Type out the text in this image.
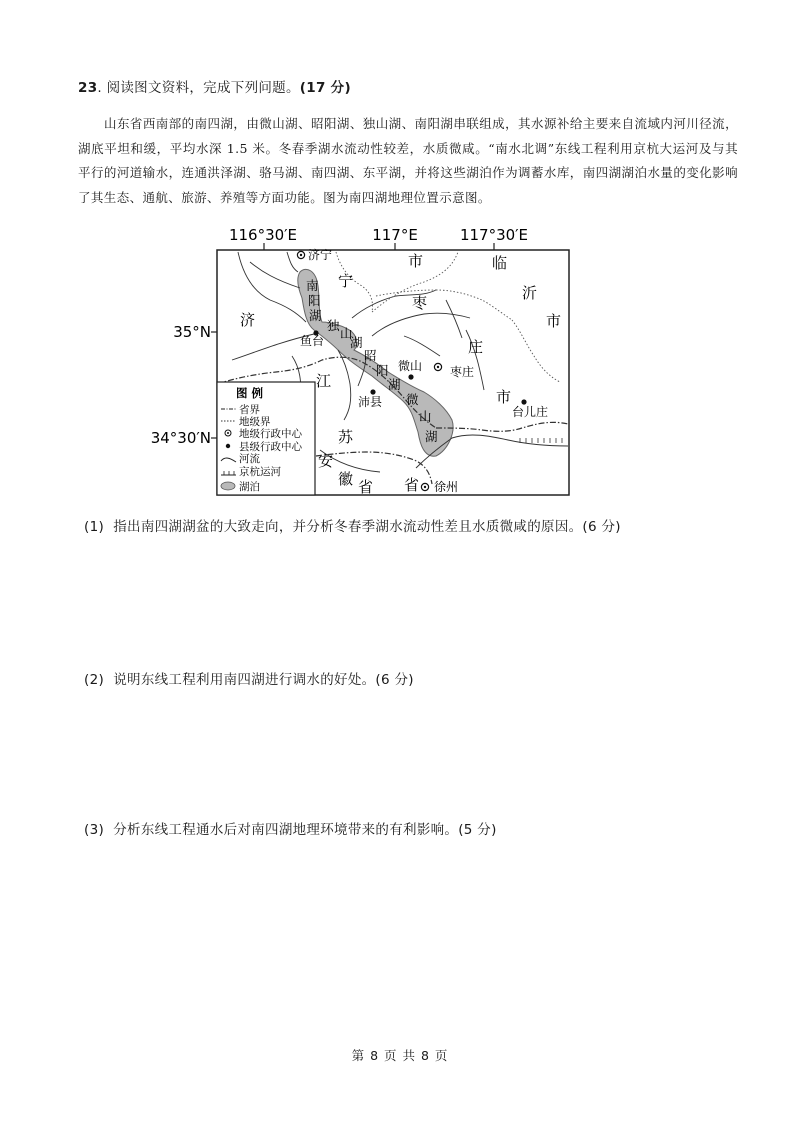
23. 阅读图文资料，完成下列问题。(17 分)
山东省西南部的南四湖，由微山湖、昭阳湖、独山湖、南阳湖串联组成，其水源补给主要来自流域内河川径流，湖底平坦和缓，平均水深 1.5 米。冬春季湖水流动性较差，水质微咸。“南水北调”东线工程利用京杭大运河及与其平行的河道输水，连通洪泽湖、骆马湖、南四湖、东平湖，并将这些湖泊作为调蓄水库，南四湖湖泊水量的变化影响了其生态、通航、旅游、养殖等方面功能。图为南四湖地理位置示意图。
116°30′E	117°E	117°30′E
35°N
34°30′N
济宁
鱼台
沛县
微山 枣庄
台儿庄
徐州
南
阳
湖
独
山
湖
昭
阳
湖
微
山
湖
济
宁
市
枣
庄
市
临
沂
市
江
苏
安
徽 省 省
图 例
省界
地级界
地级行政中心
县级行政中心
河流
京杭运河
湖泊
(1) 指出南四湖湖盆的大致走向，并分析冬春季湖水流动性差且水质微咸的原因。(6 分)
(2) 说明东线工程利用南四湖进行调水的好处。(6 分)
(3) 分析东线工程通水后对南四湖地理环境带来的有利影响。(5 分)
第 8 页 共 8 页
